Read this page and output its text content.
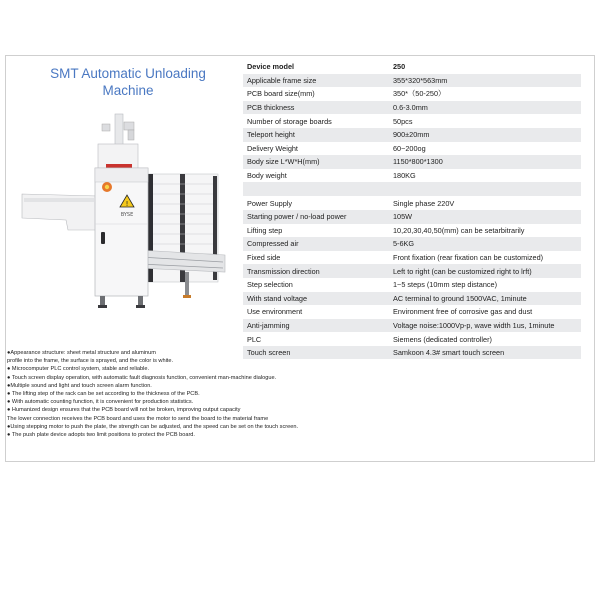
SMT Automatic Unloading
Machine
!
BYSE
Device model	250
Applicable frame size	355*320*563mm
PCB board size(mm)	350*（50-250）
PCB thickness	0.6-3.0mm
Number of storage boards	50pcs
Teleport height	900±20mm
Delivery Weight	60~200og
Body size L*W*H(mm)	1150*800*1300
Body weight	180KG

Power Supply	Single phase 220V
Starting power / no-load power	105W
Lifting step	10,20,30,40,50(mm) can be setarbitrarily
Compressed air	5-6KG
Fixed side	Front fixation (rear fixation can be customized)
Transmission direction	Left to right (can be customized right to lrft)
Step selection	1~5 steps (10mm step distance)
With stand voltage	AC terminal to ground 1500VAC, 1minute
Use environment	Environment free of corrosive gas and dust
Anti-jamming	Voltage noise:1000Vp-p, wave width 1us, 1minute
PLC	Siemens (dedicated controller)
Touch screen	Samkoon 4.3# smart touch screen
●Appearance structure: sheet metal structure and aluminum
profile into the frame, the surface is sprayed, and the color is white.
● Microcomputer PLC control system, stable and reliable.
● Touch screen display operation, with automatic fault diagnosis function, convenient man-machine dialogue.
●Multiple sound and light and touch screen alarm function.
● The lifting step of the rack can be set according to the thickness of the PCB.
● With automatic counting function, it is convenient for production statistics.
● Humanized design ensures that the PCB board will not be broken, improving output capacity
The lower connection receives the PCB board and uses the motor to send the board to the material frame
●Using stepping motor to push the plate, the strength can be adjusted, and the speed can be set on the touch screen.
● The push plate device adopts two limit positions to protect the PCB board.
